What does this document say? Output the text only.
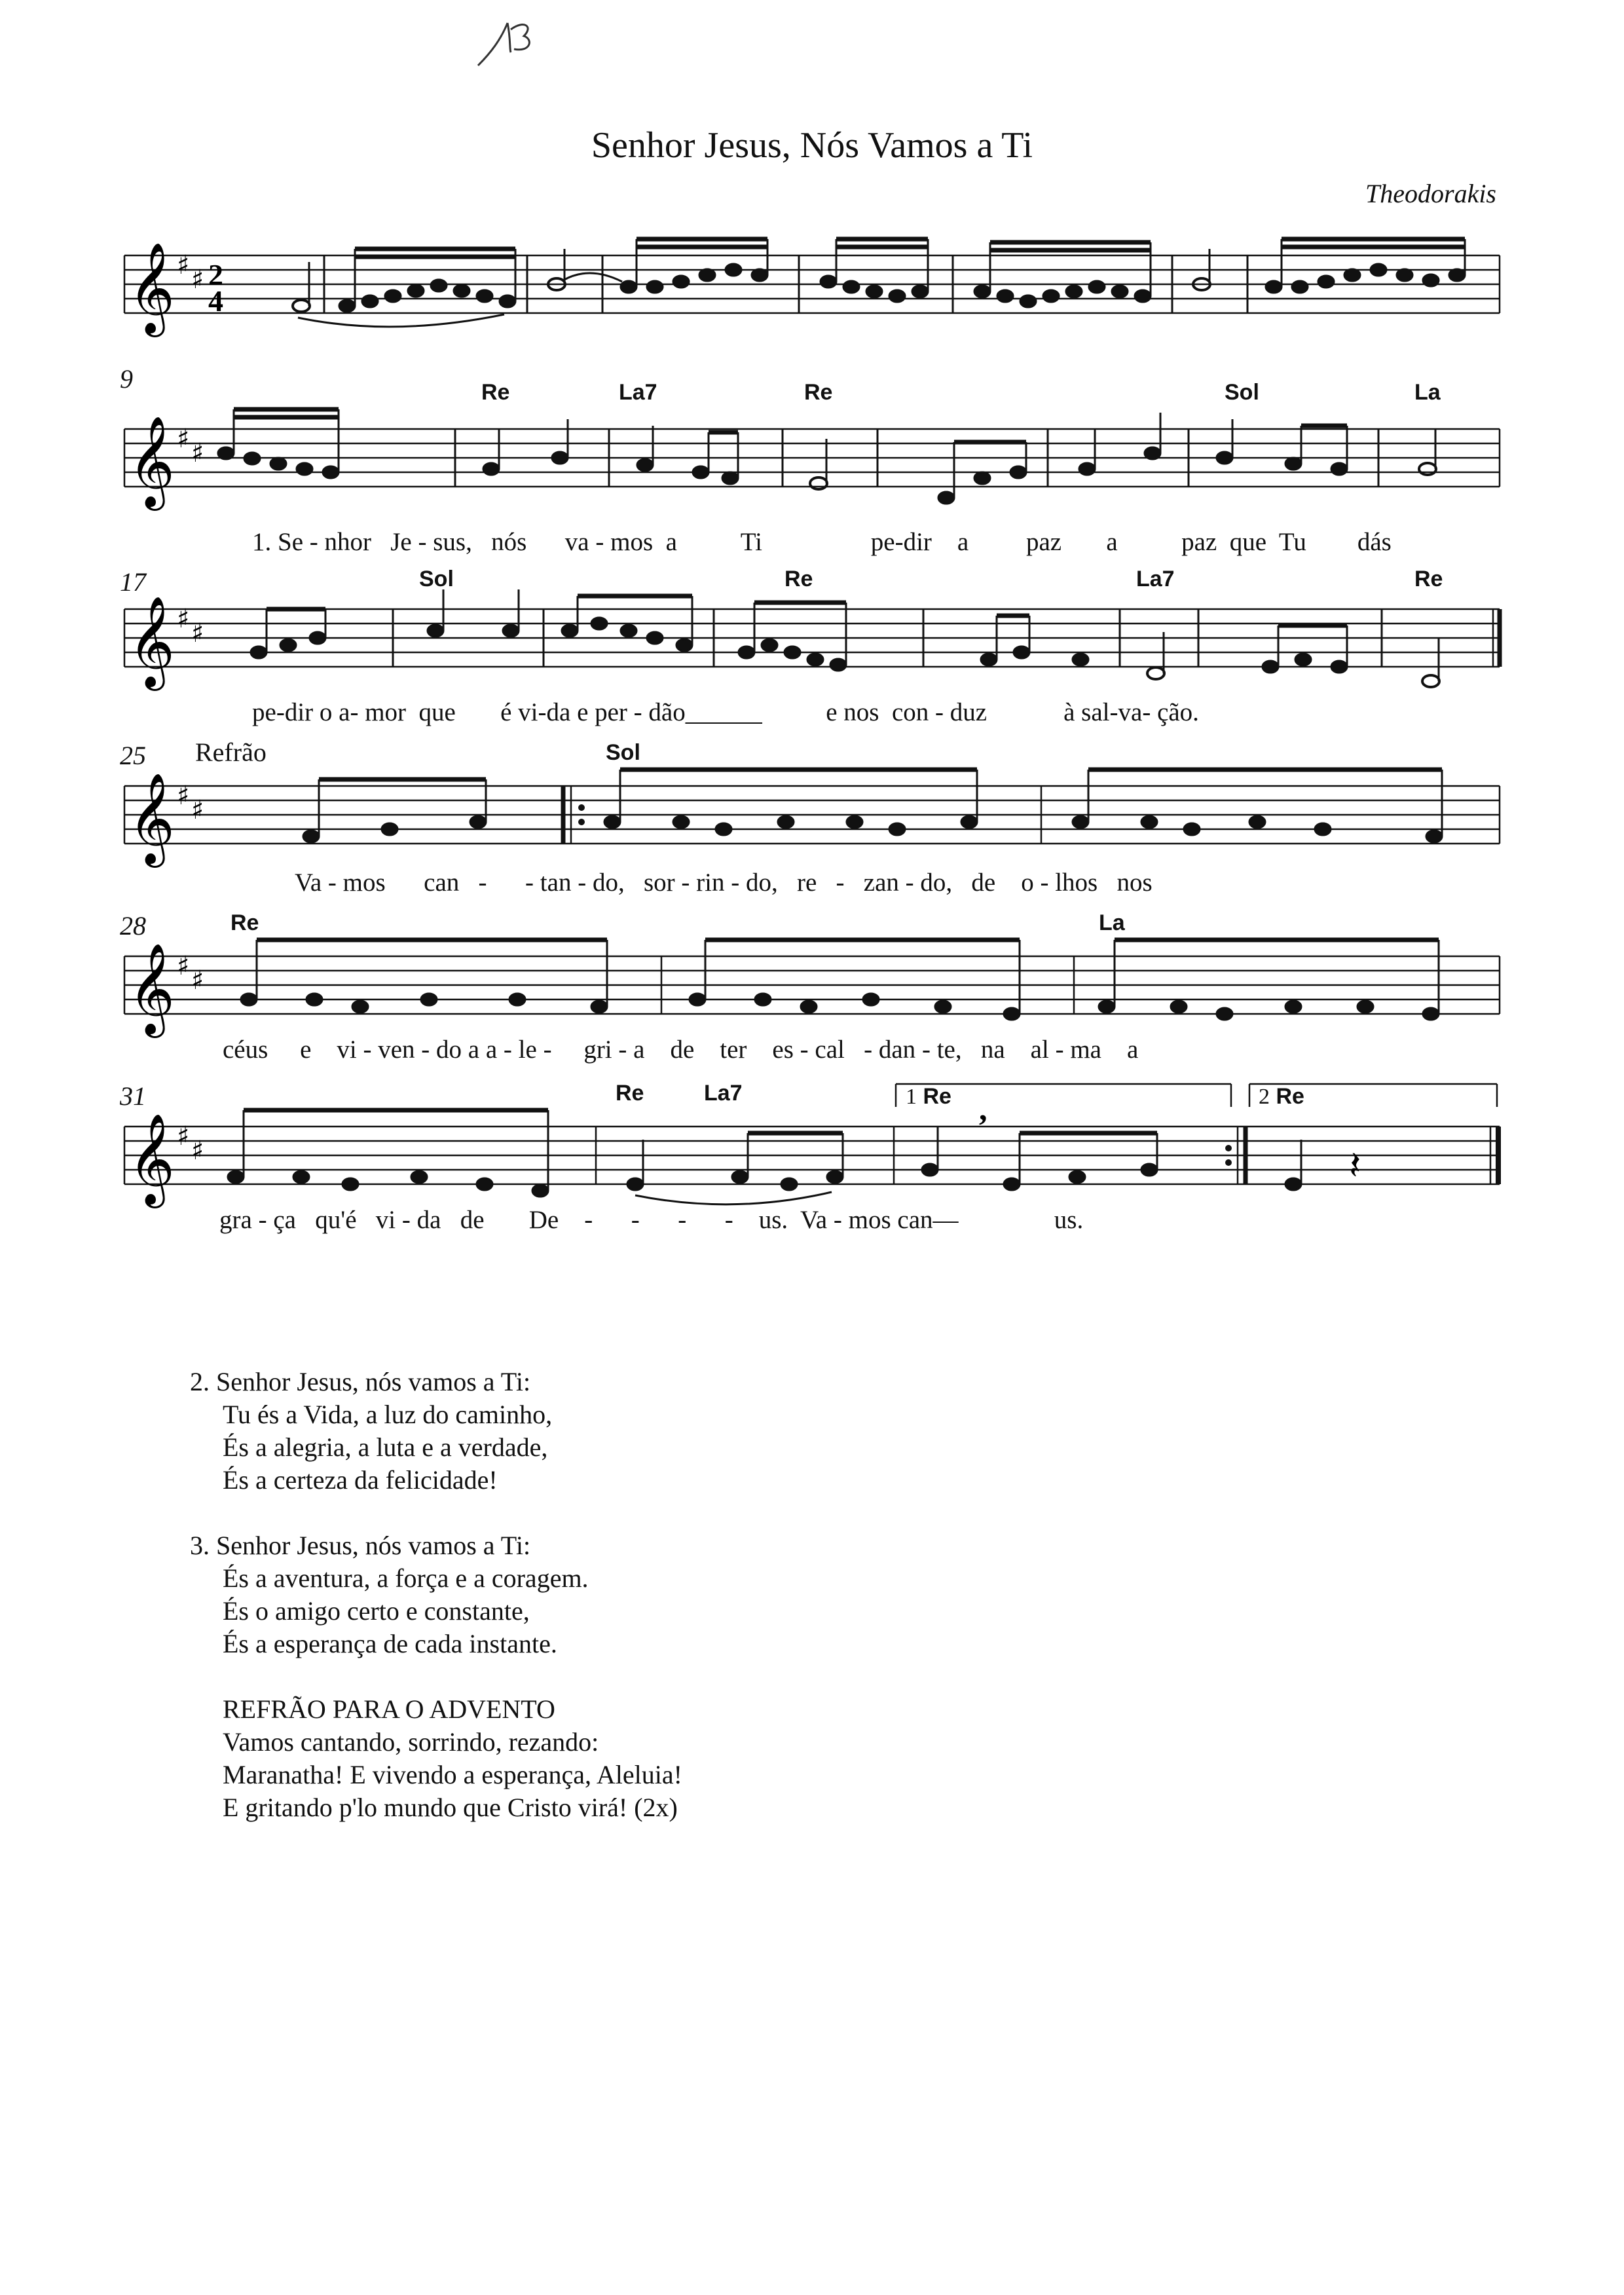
Senhor Jesus, Nós Vamos a Ti
Theodorakis
𝄞 ♯ ♯ 2
4
9
𝄞 ♯ ♯
Re	La7	Re	Sol	La
1. Se - nhor Je - sus, nós va - mos a Ti	pe-dir a paz a	paz que Tu dás
17
𝄞 ♯ ♯
Sol	Re	La7	Re
pe-dir o a- mor que é vi-da e per - dão______          e nos con - duz	à sal-va- ção.
25 Refrão
𝄞 ♯ ♯
Sol
Va - mos can - - tan - do, sor - rin - do, re - zan - do, de o - lhos nos
28
𝄞 ♯ ♯
Re	La
céus e vi - ven - do a a - le - gri - a de ter es - cal - dan - te, na al - ma a
31
𝄞 ♯ ♯	𝄽
,
Re	La7	1 Re	2 Re
gra - ça qu'é vi - da de De - - - - us. Va - mos can—	us.
2. Senhor Jesus, nós vamos a Ti:
Tu és a Vida, a luz do caminho,
És a alegria, a luta e a verdade,
És a certeza da felicidade!
3. Senhor Jesus, nós vamos a Ti:
És a aventura, a força e a coragem.
És o amigo certo e constante,
És a esperança de cada instante.
REFRÃO PARA O ADVENTO
Vamos cantando, sorrindo, rezando:
Maranatha! E vivendo a esperança, Aleluia!
E gritando p'lo mundo que Cristo virá! (2x)
